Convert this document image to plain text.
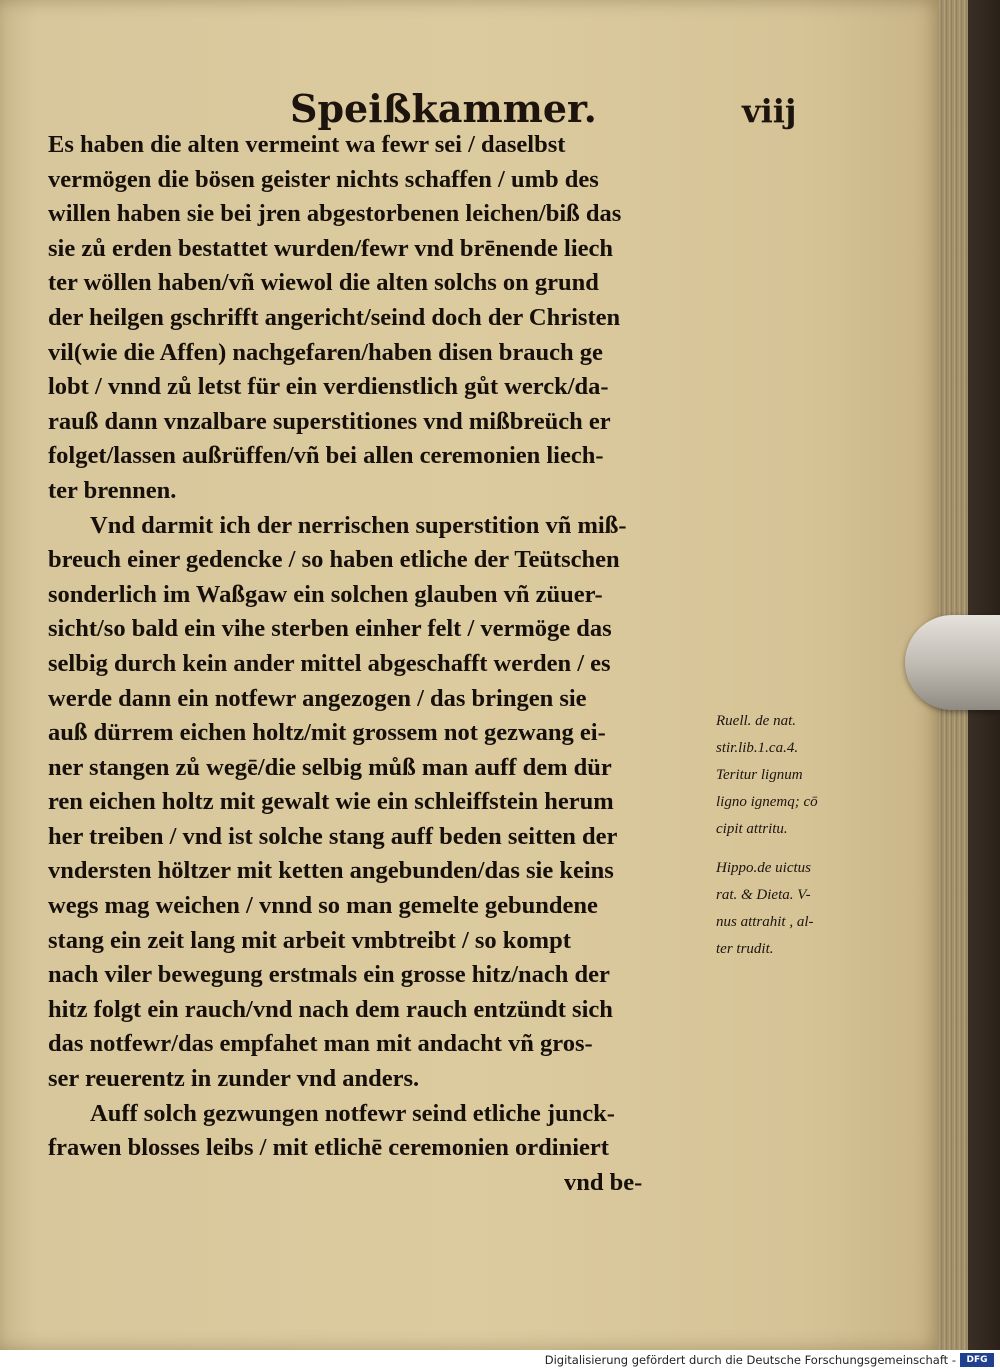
Speißkammer.	viij
Es haben die alten vermeint wa fewr sei / daselbst
vermögen die bösen geister nichts schaffen / umb des
willen haben sie bei jren abgestorbenen leichen/biß das
sie zů erden bestattet wurden/fewr vnd brēnende liech
ter wöllen haben/vñ wiewol die alten solchs on grund
der heilgen gschrifft angericht/seind doch der Christen
vil(wie die Affen) nachgefaren/haben disen brauch ge
lobt / vnnd zů letst für ein verdienstlich gůt werck/da-
rauß dann vnzalbare superstitiones vnd mißbreüch er
folget/lassen außrüffen/vñ bei allen ceremonien liech-
ter brennen.
Vnd darmit ich der nerrischen superstition vñ miß-
breuch einer gedencke / so haben etliche der Teütschen
sonderlich im Waßgaw ein solchen glauben vñ züuer-
sicht/so bald ein vihe sterben einher felt / vermöge das
selbig durch kein ander mittel abgeschafft werden / es
werde dann ein notfewr angezogen / das bringen sie
auß dürrem eichen holtz/mit grossem not gezwang ei-
ner stangen zů wegē/die selbig můß man auff dem dür
ren eichen holtz mit gewalt wie ein schleiffstein herum
her treiben / vnd ist solche stang auff beden seitten der
vndersten höltzer mit ketten angebunden/das sie keins
wegs mag weichen / vnnd so man gemelte gebundene
stang ein zeit lang mit arbeit vmbtreibt / so kompt
nach viler bewegung erstmals ein grosse hitz/nach der
hitz folgt ein rauch/vnd nach dem rauch entzündt sich
das notfewr/das empfahet man mit andacht vñ gros-
ser reuerentz in zunder vnd anders.
Auff solch gezwungen notfewr seind etliche junck-
frawen blosses leibs / mit etlichē ceremonien ordiniert
vnd be-
Ruell. de nat.
stir.lib.1.ca.4.
Teritur lignum
ligno ignemq; cō
cipit attritu.
Hippo.de uictus
rat. & Dieta. V-
nus attrahit , al-
ter trudit.
Digitalisierung gefördert durch die Deutsche Forschungsgemeinschaft -	DFG
